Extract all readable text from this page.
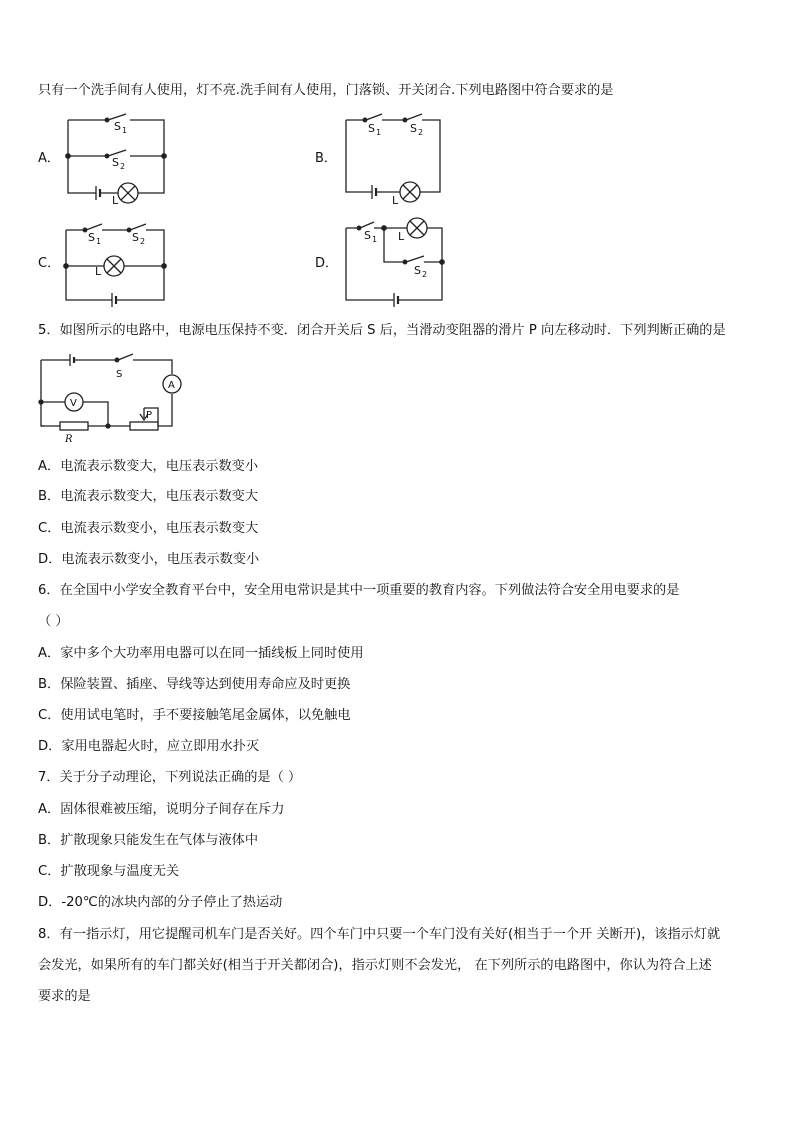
只有一个洗手间有人使用，灯不亮.洗手间有人使用，门落锁、开关闭合.下列电路图中符合要求的是
A．	B．
C．	D．
S 1
S 2
L
S 1	S 2
L
S 1	S 2
L
S 1 L
S 2
5．如图所示的电路中，电源电压保持不变．闭合开关后 S 后，当滑动变阻器的滑片 P 向左移动时．下列判断正确的是
A
V
R
P
S
A．电流表示数变大，电压表示数变小
B．电流表示数变大，电压表示数变大
C．电流表示数变小，电压表示数变大
D．电流表示数变小，电压表示数变小
6．在全国中小学安全教育平台中，安全用电常识是其中一项重要的教育内容。下列做法符合安全用电要求的是
（ ）
A．家中多个大功率用电器可以在同一插线板上同时使用
B．保险装置、插座、导线等达到使用寿命应及时更换
C．使用试电笔时，手不要接触笔尾金属体，以免触电
D．家用电器起火时，应立即用水扑灭
7．关于分子动理论，下列说法正确的是（ ）
A．固体很难被压缩，说明分子间存在斥力
B．扩散现象只能发生在气体与液体中
C．扩散现象与温度无关
D．-20℃的冰块内部的分子停止了热运动
8．有一指示灯，用它提醒司机车门是否关好。四个车门中只要一个车门没有关好(相当于一个开 关断开)，该指示灯就
会发光，如果所有的车门都关好(相当于开关都闭合)，指示灯则不会发光， 在下列所示的电路图中，你认为符合上述
要求的是
